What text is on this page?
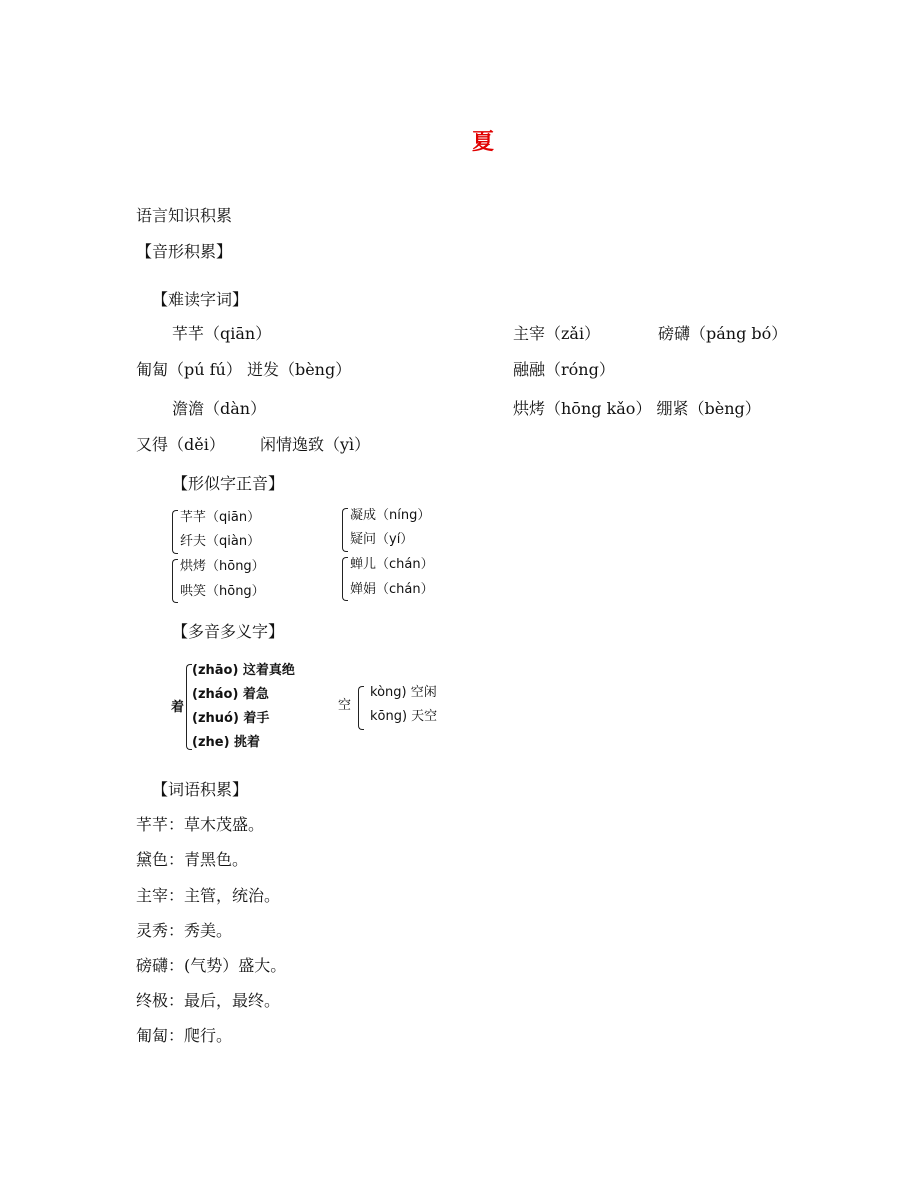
夏
语言知识积累
【音形积累】
【难读字词】
芊芊（qiān）	主宰（zǎi）	磅礴（páng bó）
匍匐（pú fú） 迸发（bèng）	融融（róng）
澹澹（dàn）	烘烤（hōng kǎo） 绷紧（bèng）
又得（děi） 闲情逸致（yì）
【形似字正音】
芊芊（qiān）
纤夫（qiàn）
凝成（níng）
疑问（yí）
烘烤（hōng）
哄笑（hōng）
蝉儿（chán）
婵娟（chán）
【多音多义字】
着
(zhāo) 这着真绝
(zháo) 着急
(zhuó) 着手
(zhe) 挑着
空
kòng) 空闲
kōng) 天空
【词语积累】
芊芊：草木茂盛。
黛色：青黑色。
主宰：主管，统治。
灵秀：秀美。
磅礴：(气势）盛大。
终极：最后，最终。
匍匐：爬行。
